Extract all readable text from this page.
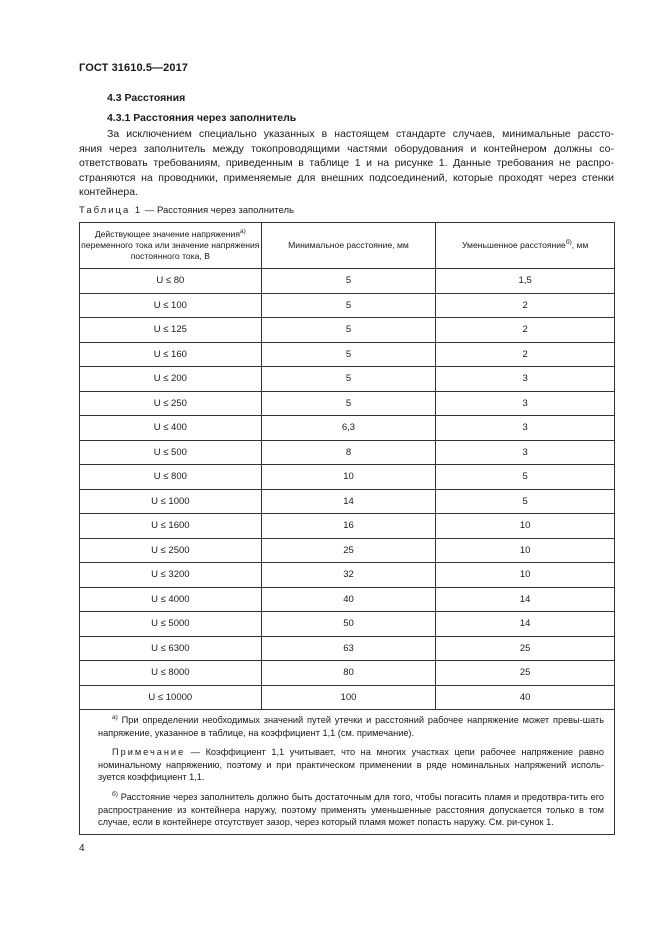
ГОСТ 31610.5—2017
4.3 Расстояния
4.3.1 Расстояния через заполнитель
За исключением специально указанных в настоящем стандарте случаев, минимальные рассто-
яния через заполнитель между токопроводящими частями оборудования и контейнером должны со-
ответствовать требованиям, приведенным в таблице 1 и на рисунке 1. Данные требования не распро-
страняются на проводники, применяемые для внешних подсоединений, которые проходят через стенки
контейнера.
Таблица 1 — Расстояния через заполнитель
Действующее значение напряжения$^{а)}$ переменного тока или значение напряжения постоянного тока, В	Минимальное расстояние, мм	Уменьшенное расстояние$^{б)}$, мм
U ≤ 80	5	1,5
U ≤ 100	5	2
U ≤ 125	5	2
U ≤ 160	5	2
U ≤ 200	5	3
U ≤ 250	5	3
U ≤ 400	6,3	3
U ≤ 500	8	3
U ≤ 800	10	5
U ≤ 1000	14	5
U ≤ 1600	16	10
U ≤ 2500	25	10
U ≤ 3200	32	10
U ≤ 4000	40	14
U ≤ 5000	50	14
U ≤ 6300	63	25
U ≤ 8000	80	25
U ≤ 10000	100	40

$^{а)}$ При определении необходимых значений путей утечки и расстояний рабочее напряжение может превы-шать напряжение, указанное в таблице, на коэффициент 1,1 (см. примечание).

Примечание — Коэффициент 1,1 учитывает, что на многих участках цепи рабочее напряжение равно номинальному напряжению, поэтому и при практическом применении в ряде номинальных напряжений исполь-зуется коэффициент 1,1.

$^{б)}$ Расстояние через заполнитель должно быть достаточным для того, чтобы погасить пламя и предотвра-тить его распространение из контейнера наружу, поэтому применять уменьшенные расстояния допускается только в том случае, если в контейнере отсутствует зазор, через который пламя может попасть наружу. См. ри-сунок 1.		

4
